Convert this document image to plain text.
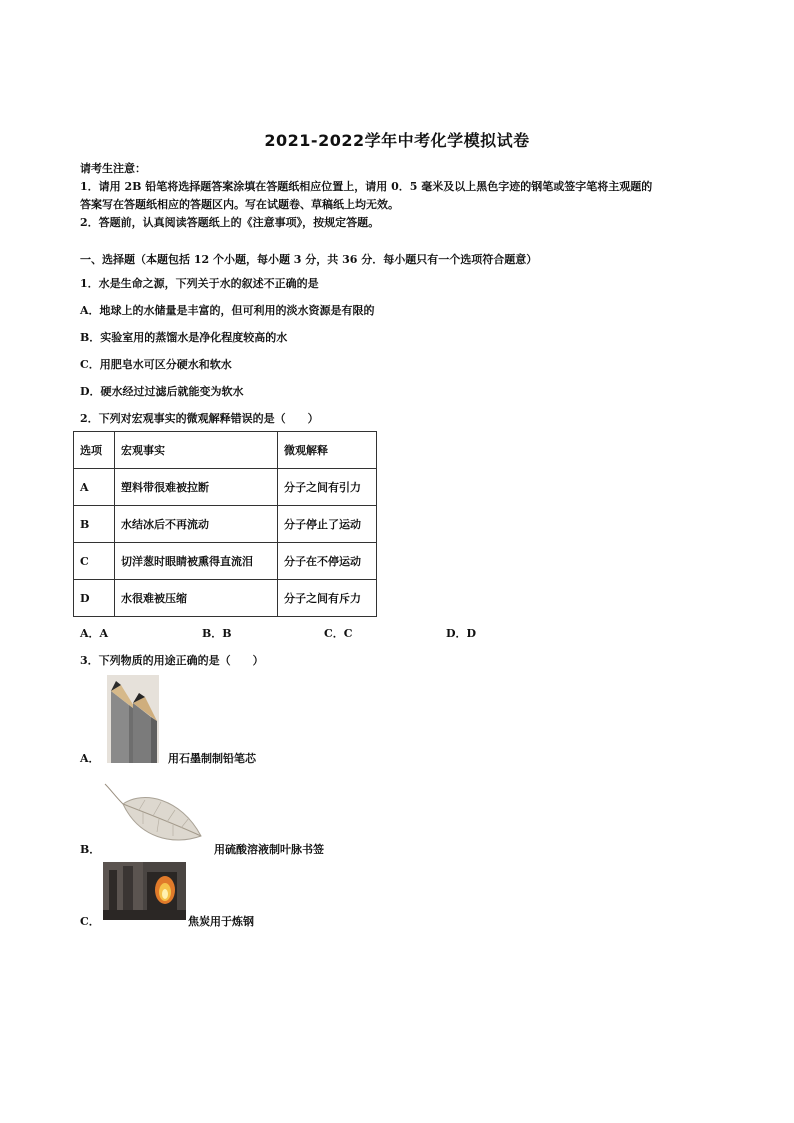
2021-2022学年中考化学模拟试卷
请考生注意：
1．请用 2B 铅笔将选择题答案涂填在答题纸相应位置上，请用 0．5 毫米及以上黑色字迹的钢笔或签字笔将主观题的
答案写在答题纸相应的答题区内。写在试题卷、草稿纸上均无效。
2．答题前，认真阅读答题纸上的《注意事项》，按规定答题。
一、选择题（本题包括 12 个小题，每小题 3 分，共 36 分．每小题只有一个选项符合题意）
1．水是生命之源，下列关于水的叙述不正确的是
A．地球上的水储量是丰富的，但可利用的淡水资源是有限的
B．实验室用的蒸馏水是净化程度较高的水
C．用肥皂水可区分硬水和软水
D．硬水经过过滤后就能变为软水
2．下列对宏观事实的微观解释错误的是（　　）
选项	宏观事实	微观解释
A	塑料带很难被拉断	分子之间有引力
B	水结冰后不再流动	分子停止了运动
C	切洋葱时眼睛被熏得直流泪	分子在不停运动
D	水很难被压缩	分子之间有斥力
A．A	B．B	C．C	D．D
3．下列物质的用途正确的是（　　）
A．	用石墨制制铅笔芯
B．	用硫酸溶液制叶脉书签
C．	焦炭用于炼钢
